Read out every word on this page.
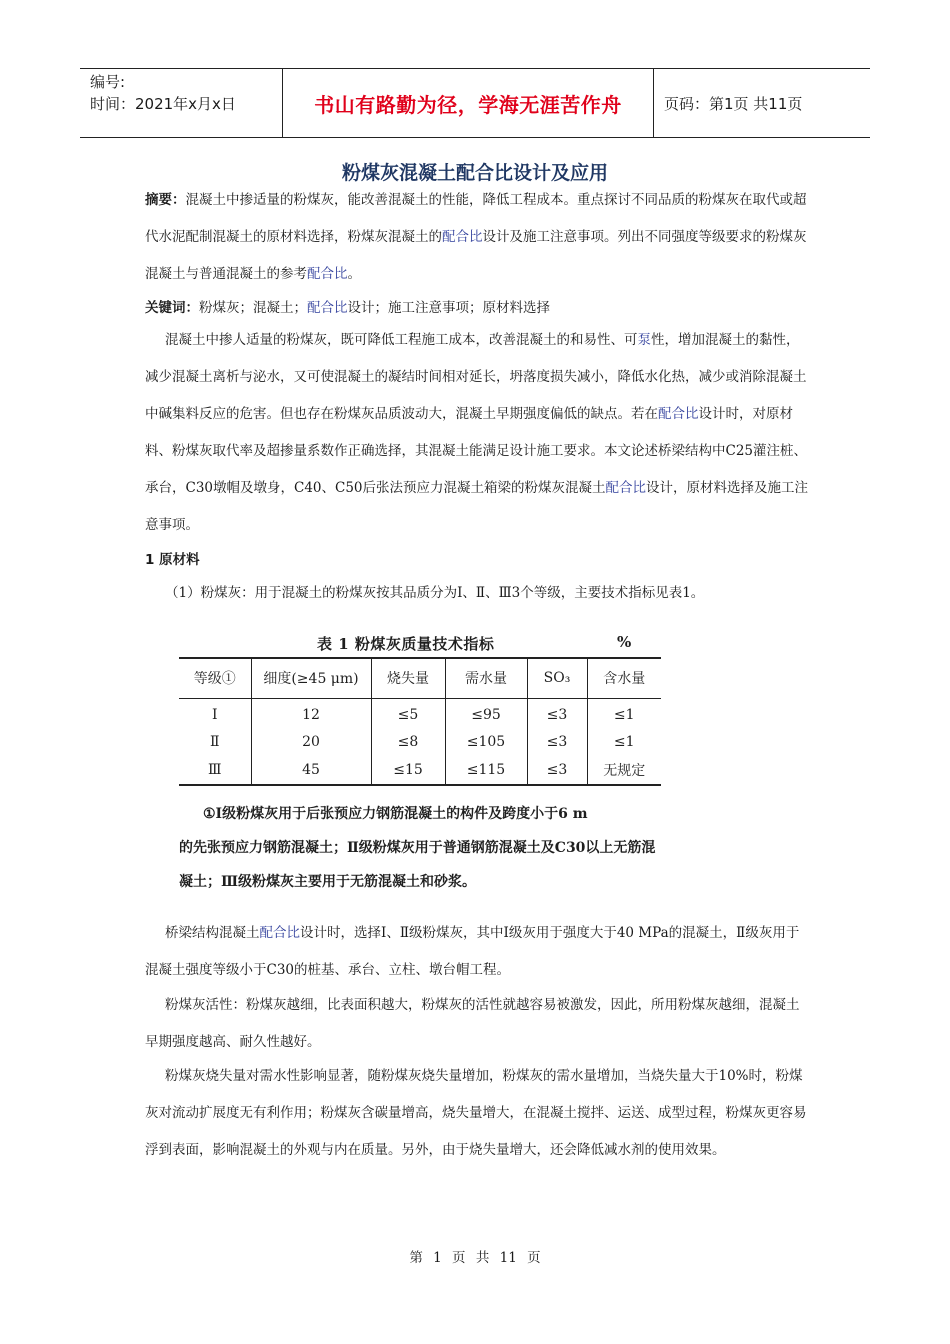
编号:
时间：2021年x月x日	书山有路勤为径，学海无涯苦作舟	页码：第1页 共11页
粉煤灰混凝土配合比设计及应用

摘要：混凝土中掺适量的粉煤灰，能改善混凝土的性能，降低工程成本。重点探讨不同品质的粉煤灰在取代或超代水泥配制混凝土的原材料选择，粉煤灰混凝土的配合比设计及施工注意事项。列出不同强度等级要求的粉煤灰混凝土与普通混凝土的参考配合比。

关键词：粉煤灰；混凝土；配合比设计；施工注意事项；原材料选择

混凝土中掺人适量的粉煤灰，既可降低工程施工成本，改善混凝土的和易性、可泵性，增加混凝土的黏性，减少混凝土离析与泌水，又可使混凝土的凝结时间相对延长，坍落度损失减小，降低水化热，减少或消除混凝土中碱集料反应的危害。但也存在粉煤灰品质波动大，混凝土早期强度偏低的缺点。若在配合比设计时，对原材料、粉煤灰取代率及超掺量系数作正确选择，其混凝土能满足设计施工要求。本文论述桥梁结构中C25灌注桩、承台，C30墩帽及墩身，C40、C50后张法预应力混凝土箱梁的粉煤灰混凝土配合比设计，原材料选择及施工注意事项。

1 原材料

（1）粉煤灰：用于混凝土的粉煤灰按其品质分为Ⅰ、Ⅱ、Ⅲ3个等级，主要技术指标见表1。

表 1 粉煤灰质量技术指标	%
等级①	细度(≥45 μm)	烧失量	需水量	SO₃	含水量
Ⅰ	12	≤5	≤95	≤3	≤1
Ⅱ	20	≤8	≤105	≤3	≤1
Ⅲ	45	≤15	≤115	≤3	无规定
①Ⅰ级粉煤灰用于后张预应力钢筋混凝土的构件及跨度小于6 m
的先张预应力钢筋混凝土；Ⅱ级粉煤灰用于普通钢筋混凝土及C30以上无筋混凝土；Ⅲ级粉煤灰主要用于无筋混凝土和砂浆。

桥梁结构混凝土配合比设计时，选择Ⅰ、Ⅱ级粉煤灰，其中Ⅰ级灰用于强度大于40 MPa的混凝土，Ⅱ级灰用于混凝土强度等级小于C30的桩基、承台、立柱、墩台帽工程。

粉煤灰活性：粉煤灰越细，比表面积越大，粉煤灰的活性就越容易被激发，因此，所用粉煤灰越细，混凝土早期强度越高、耐久性越好。

粉煤灰烧失量对需水性影响显著，随粉煤灰烧失量增加，粉煤灰的需水量增加，当烧失量大于10%时，粉煤灰对流动扩展度无有利作用；粉煤灰含碳量增高，烧失量增大，在混凝土搅拌、运送、成型过程，粉煤灰更容易浮到表面，影响混凝土的外观与内在质量。另外，由于烧失量增大，还会降低减水剂的使用效果。

第 1 页 共 11 页
